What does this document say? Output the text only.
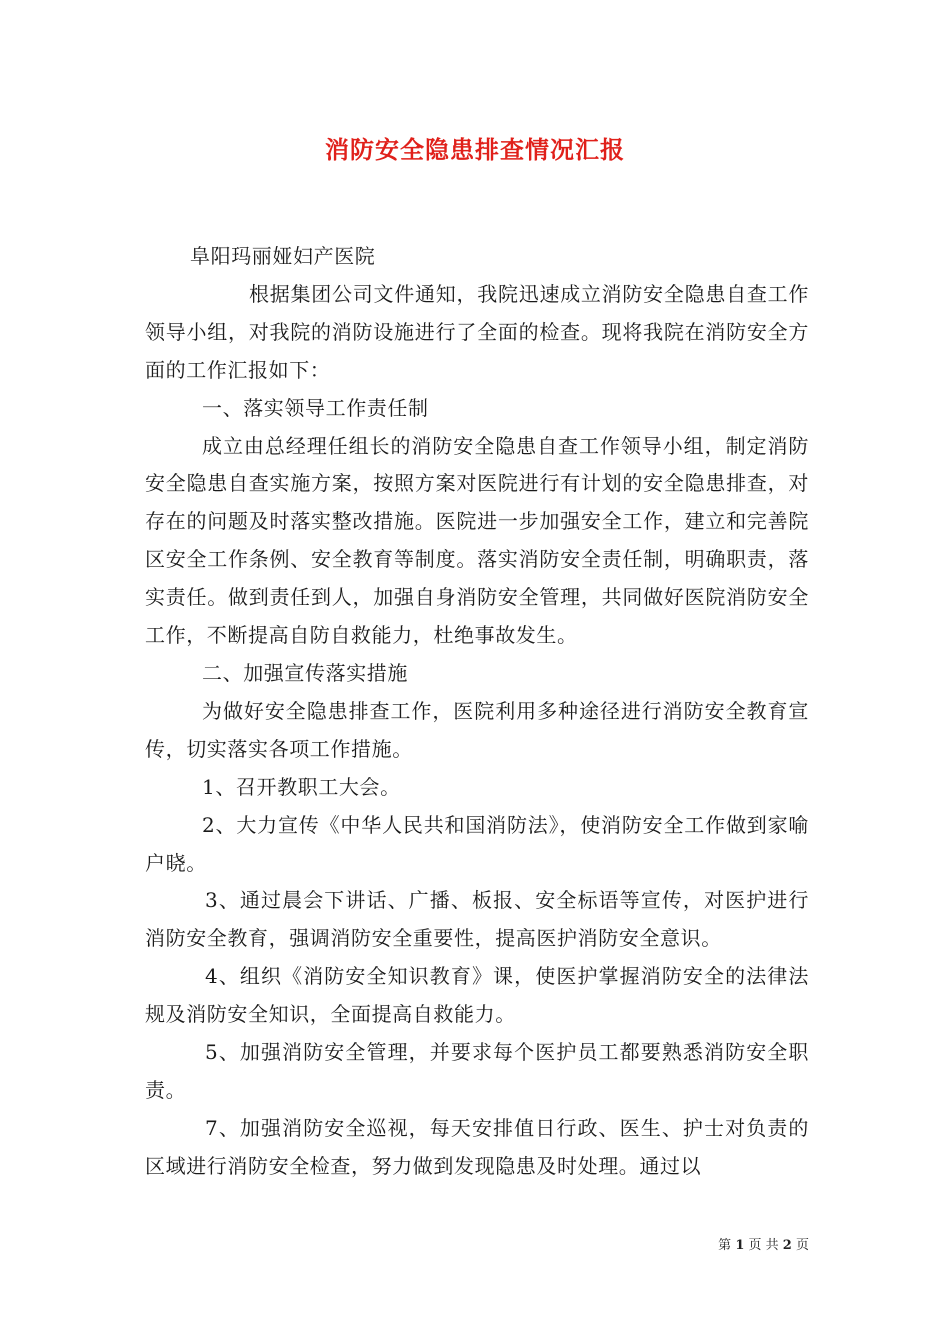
消防安全隐患排查情况汇报

阜阳玛丽娅妇产医院

根据集团公司文件通知，我院迅速成立消防安全隐患自查工作领导小组，对我院的消防设施进行了全面的检查。现将我院在消防安全方面的工作汇报如下：

一、落实领导工作责任制

成立由总经理任组长的消防安全隐患自查工作领导小组，制定消防安全隐患自查实施方案，按照方案对医院进行有计划的安全隐患排查，对存在的问题及时落实整改措施。医院进一步加强安全工作，建立和完善院区安全工作条例、安全教育等制度。落实消防安全责任制，明确职责，落实责任。做到责任到人，加强自身消防安全管理，共同做好医院消防安全工作，不断提高自防自救能力，杜绝事故发生。

二、加强宣传落实措施

为做好安全隐患排查工作，医院利用多种途径进行消防安全教育宣传，切实落实各项工作措施。

1、召开教职工大会。

2、大力宣传《中华人民共和国消防法》，使消防安全工作做到家喻户晓。

3、通过晨会下讲话、广播、板报、安全标语等宣传，对医护进行消防安全教育，强调消防安全重要性，提高医护消防安全意识。

4、组织《消防安全知识教育》课，使医护掌握消防安全的法律法规及消防安全知识，全面提高自救能力。

5、加强消防安全管理，并要求每个医护员工都要熟悉消防安全职责。

7、加强消防安全巡视，每天安排值日行政、医生、护士对负责的区域进行消防安全检查，努力做到发现隐患及时处理。通过以

第 1 页 共 2 页
